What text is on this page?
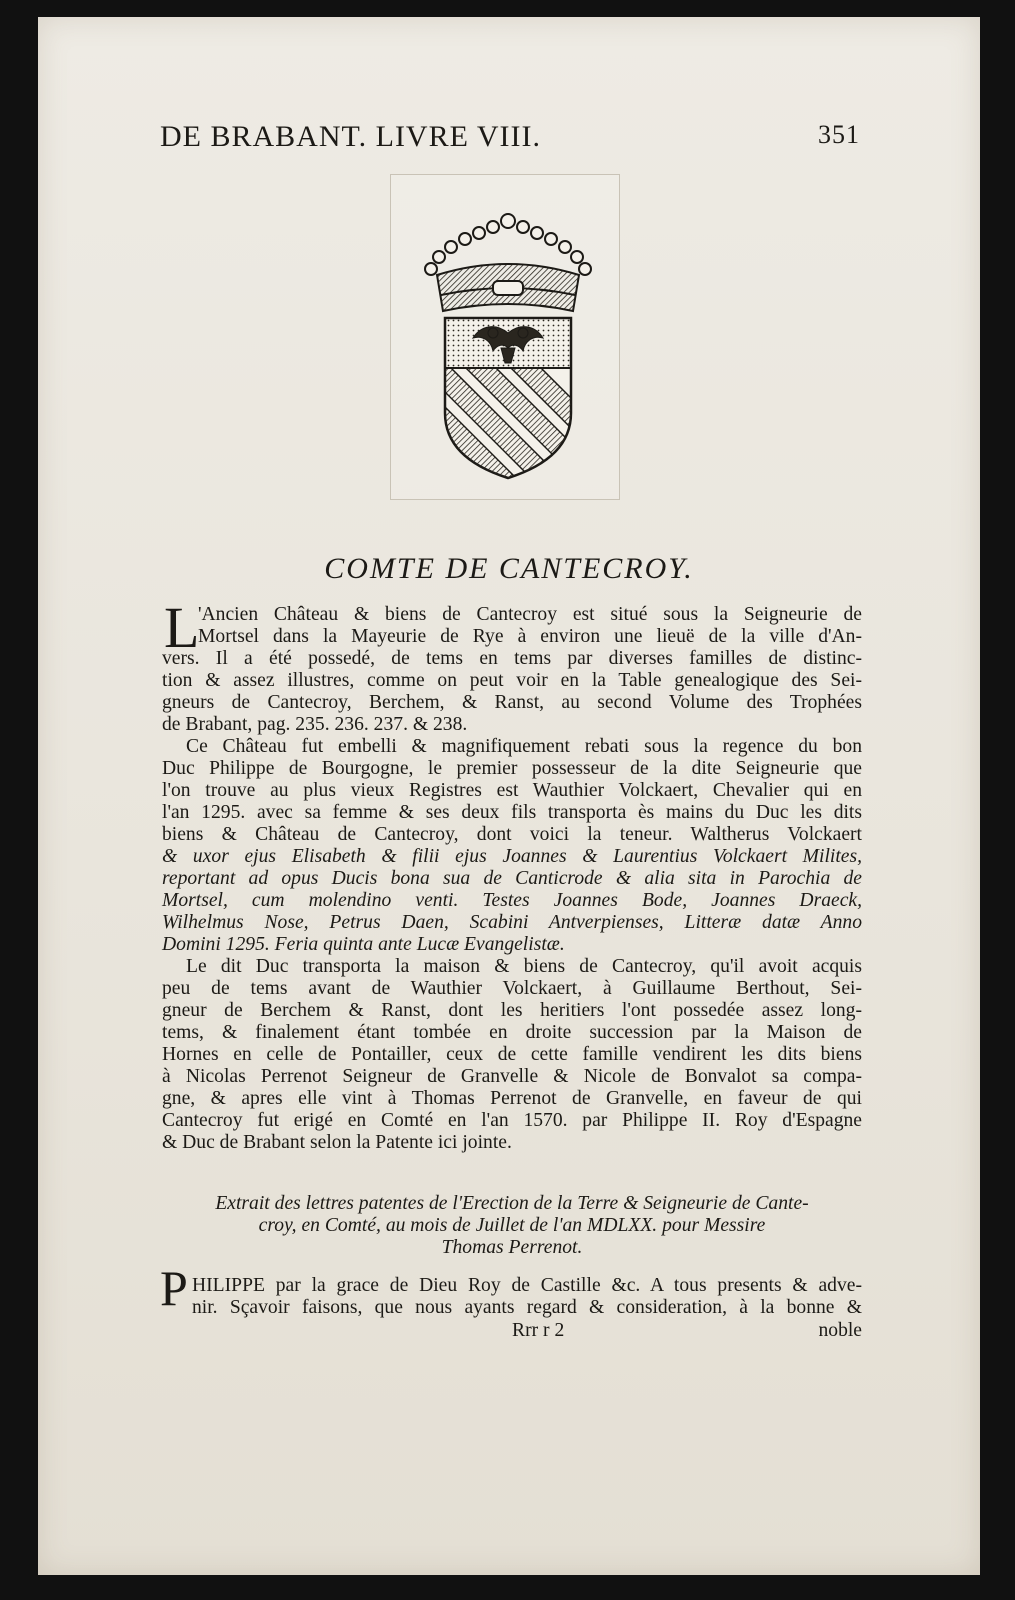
DE BRABANT. LIVRE VIII.	351
COMTE DE CANTECROY.
L
'Ancien Château & biens de Cantecroy est situé sous la Seigneurie de
Mortsel dans la Mayeurie de Rye à environ une lieuë de la ville d'An-
vers. Il a été possedé, de tems en tems par diverses familles de distinc-
tion & assez illustres, comme on peut voir en la Table genealogique des Sei-
gneurs de Cantecroy, Berchem, & Ranst, au second Volume des Trophées
de Brabant, pag. 235. 236. 237. & 238.
Ce Château fut embelli & magnifiquement rebati sous la regence du bon
Duc Philippe de Bourgogne, le premier possesseur de la dite Seigneurie que
l'on trouve au plus vieux Registres est Wauthier Volckaert, Chevalier qui en
l'an 1295. avec sa femme & ses deux fils transporta ès mains du Duc les dits
biens & Château de Cantecroy, dont voici la teneur. Waltherus Volckaert
& uxor ejus Elisabeth & filii ejus Joannes & Laurentius Volckaert Milites,
reportant ad opus Ducis bona sua de Canticrode & alia sita in Parochia de
Mortsel, cum molendino venti. Testes Joannes Bode, Joannes Draeck,
Wilhelmus Nose, Petrus Daen, Scabini Antverpienses, Litteræ datæ Anno
Domini 1295. Feria quinta ante Lucæ Evangelistæ.
Le dit Duc transporta la maison & biens de Cantecroy, qu'il avoit acquis
peu de tems avant de Wauthier Volckaert, à Guillaume Berthout, Sei-
gneur de Berchem & Ranst, dont les heritiers l'ont possedée assez long-
tems, & finalement étant tombée en droite succession par la Maison de
Hornes en celle de Pontailler, ceux de cette famille vendirent les dits biens
à Nicolas Perrenot Seigneur de Granvelle & Nicole de Bonvalot sa compa-
gne, & apres elle vint à Thomas Perrenot de Granvelle, en faveur de qui
Cantecroy fut erigé en Comté en l'an 1570. par Philippe II. Roy d'Espagne
& Duc de Brabant selon la Patente ici jointe.
Extrait des lettres patentes de l'Erection de la Terre & Seigneurie de Cante-
croy, en Comté, au mois de Juillet de l'an MDLXX. pour Messire
Thomas Perrenot.
P HILIPPE par la grace de Dieu Roy de Castille &c. A tous presents & adve-
nir. Sçavoir faisons, que nous ayants regard & consideration, à la bonne &
Rrr r 2	noble
